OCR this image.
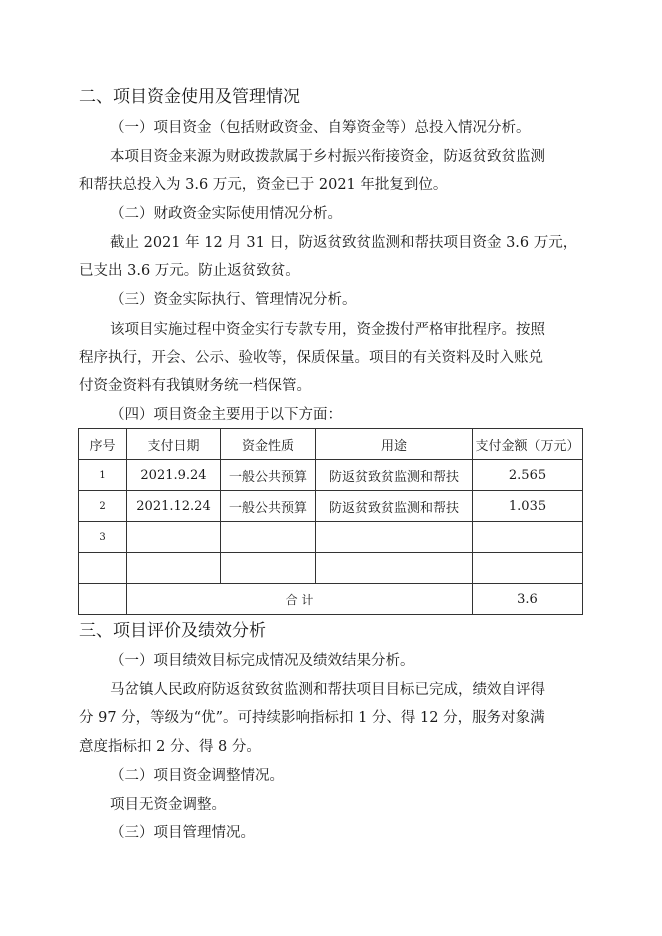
二、项目资金使用及管理情况
（一）项目资金（包括财政资金、自筹资金等）总投入情况分析。
本项目资金来源为财政拨款属于乡村振兴衔接资金，防返贫致贫监测
和帮扶总投入为 3.6 万元，资金已于 2021 年批复到位。
（二）财政资金实际使用情况分析。
截止 2021 年 12 月 31 日，防返贫致贫监测和帮扶项目资金 3.6 万元，
已支出 3.6 万元。防止返贫致贫。
（三）资金实际执行、管理情况分析。
该项目实施过程中资金实行专款专用，资金拨付严格审批程序。按照
程序执行，开会、公示、验收等，保质保量。项目的有关资料及时入账兑
付资金资料有我镇财务统一档保管。
（四）项目资金主要用于以下方面：
序号	支付日期	资金性质	用途	支付金额（万元）
1	2021.9.24	一般公共预算	防返贫致贫监测和帮扶	2.565
2	2021.12.24	一般公共预算	防返贫致贫监测和帮扶	1.035
3				

	合 计			3.6
三、项目评价及绩效分析
（一）项目绩效目标完成情况及绩效结果分析。
马岔镇人民政府防返贫致贫监测和帮扶项目目标已完成，绩效自评得
分 97 分，等级为“优”。可持续影响指标扣 1 分、得 12 分，服务对象满
意度指标扣 2 分、得 8 分。
（二）项目资金调整情况。
项目无资金调整。
（三）项目管理情况。
